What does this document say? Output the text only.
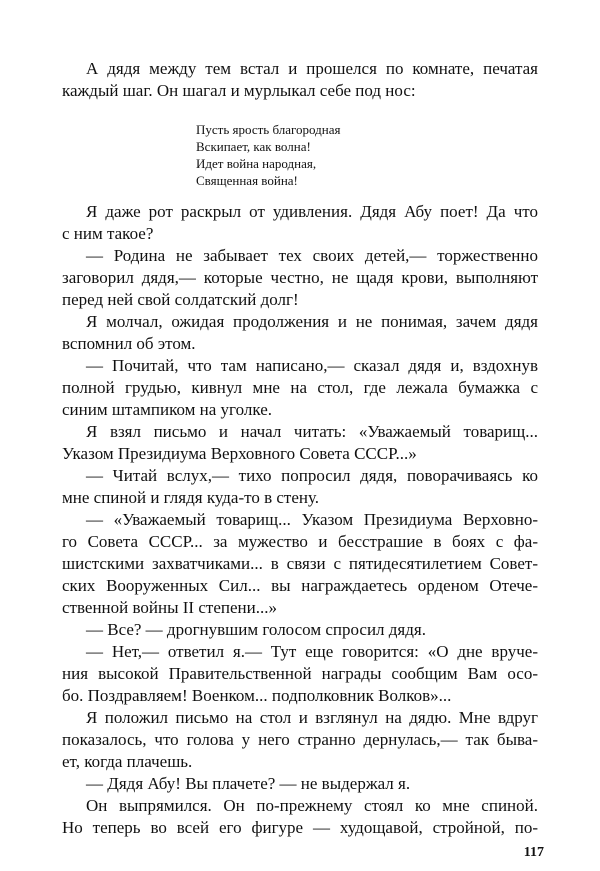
А дядя между тем встал и прошелся по комнате, печатая
каждый шаг. Он шагал и мурлыкал себе под нос:
Пусть ярость благородная
Вскипает, как волна!
Идет война народная,
Священная война!
Я даже рот раскрыл от удивления. Дядя Абу поет! Да что
с ним такое?
— Родина не забывает тех своих детей,— торжественно
заговорил дядя,— которые честно, не щадя крови, выполняют
перед ней свой солдатский долг!
Я молчал, ожидая продолжения и не понимая, зачем дядя
вспомнил об этом.
— Почитай, что там написано,— сказал дядя и, вздохнув
полной грудью, кивнул мне на стол, где лежала бумажка с
синим штампиком на уголке.
Я взял письмо и начал читать: «Уважаемый товарищ...
Указом Президиума Верховного Совета СССР...»
— Читай вслух,— тихо попросил дядя, поворачиваясь ко
мне спиной и глядя куда-то в стену.
— «Уважаемый товарищ... Указом Президиума Верховно-
го Совета СССР... за мужество и бесстрашие в боях с фа-
шистскими захватчиками... в связи с пятидесятилетием Совет-
ских Вооруженных Сил... вы награждаетесь орденом Отече-
ственной войны II степени...»
— Все? — дрогнувшим голосом спросил дядя.
— Нет,— ответил я.— Тут еще говорится: «О дне вруче-
ния высокой Правительственной награды сообщим Вам осо-
бо. Поздравляем! Военком... подполковник Волков»...
Я положил письмо на стол и взглянул на дядю. Мне вдруг
показалось, что голова у него странно дернулась,— так быва-
ет, когда плачешь.
— Дядя Абу! Вы плачете? — не выдержал я.
Он выпрямился. Он по-прежнему стоял ко мне спиной.
Но теперь во всей его фигуре — худощавой, стройной, по-
117
